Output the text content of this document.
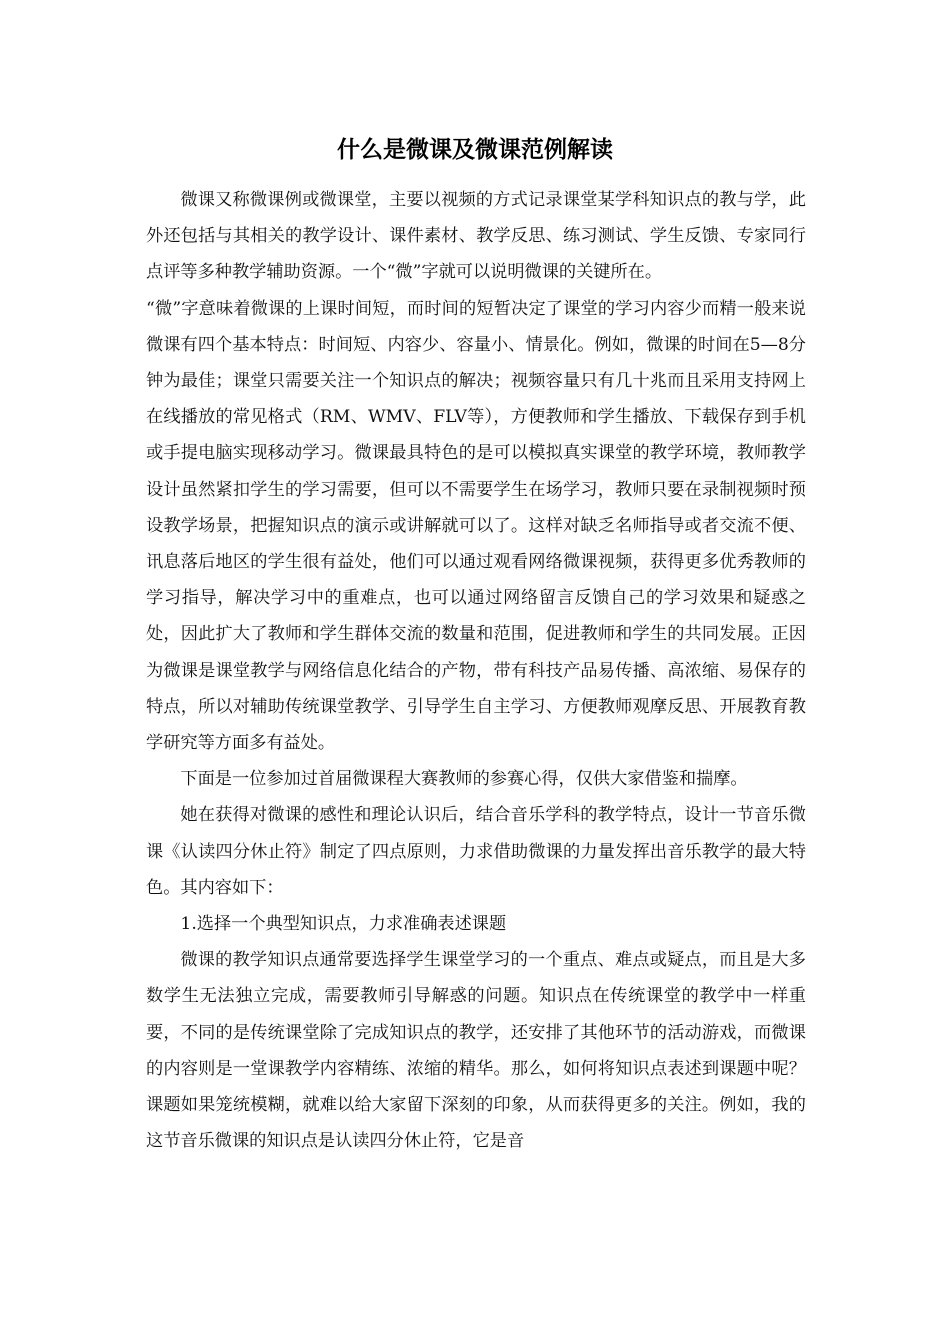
什么是微课及微课范例解读

微课又称微课例或微课堂，主要以视频的方式记录课堂某学科知识点的教与学，此外还包括与其相关的教学设计、课件素材、教学反思、练习测试、学生反馈、专家同行点评等多种教学辅助资源。一个“微”字就可以说明微课的关键所在。

“微”字意味着微课的上课时间短，而时间的短暂决定了课堂的学习内容少而精一般来说微课有四个基本特点：时间短、内容少、容量小、情景化。例如，微课的时间在5—8分钟为最佳；课堂只需要关注一个知识点的解决；视频容量只有几十兆而且采用支持网上在线播放的常见格式（RM、WMV、FLV等），方便教师和学生播放、下载保存到手机或手提电脑实现移动学习。微课最具特色的是可以模拟真实课堂的教学环境，教师教学设计虽然紧扣学生的学习需要，但可以不需要学生在场学习，教师只要在录制视频时预设教学场景，把握知识点的演示或讲解就可以了。这样对缺乏名师指导或者交流不便、讯息落后地区的学生很有益处，他们可以通过观看网络微课视频，获得更多优秀教师的学习指导，解决学习中的重难点，也可以通过网络留言反馈自己的学习效果和疑惑之处，因此扩大了教师和学生群体交流的数量和范围，促进教师和学生的共同发展。正因为微课是课堂教学与网络信息化结合的产物，带有科技产品易传播、高浓缩、易保存的特点，所以对辅助传统课堂教学、引导学生自主学习、方便教师观摩反思、开展教育教学研究等方面多有益处。

下面是一位参加过首届微课程大赛教师的参赛心得，仅供大家借鉴和揣摩。

她在获得对微课的感性和理论认识后，结合音乐学科的教学特点，设计一节音乐微课《认读四分休止符》制定了四点原则，力求借助微课的力量发挥出音乐教学的最大特色。其内容如下：

1.选择一个典型知识点，力求准确表述课题

微课的教学知识点通常要选择学生课堂学习的一个重点、难点或疑点，而且是大多数学生无法独立完成，需要教师引导解惑的问题。知识点在传统课堂的教学中一样重要，不同的是传统课堂除了完成知识点的教学，还安排了其他环节的活动游戏，而微课的内容则是一堂课教学内容精练、浓缩的精华。那么，如何将知识点表述到课题中呢？课题如果笼统模糊，就难以给大家留下深刻的印象，从而获得更多的关注。例如，我的这节音乐微课的知识点是认读四分休止符，它是音
